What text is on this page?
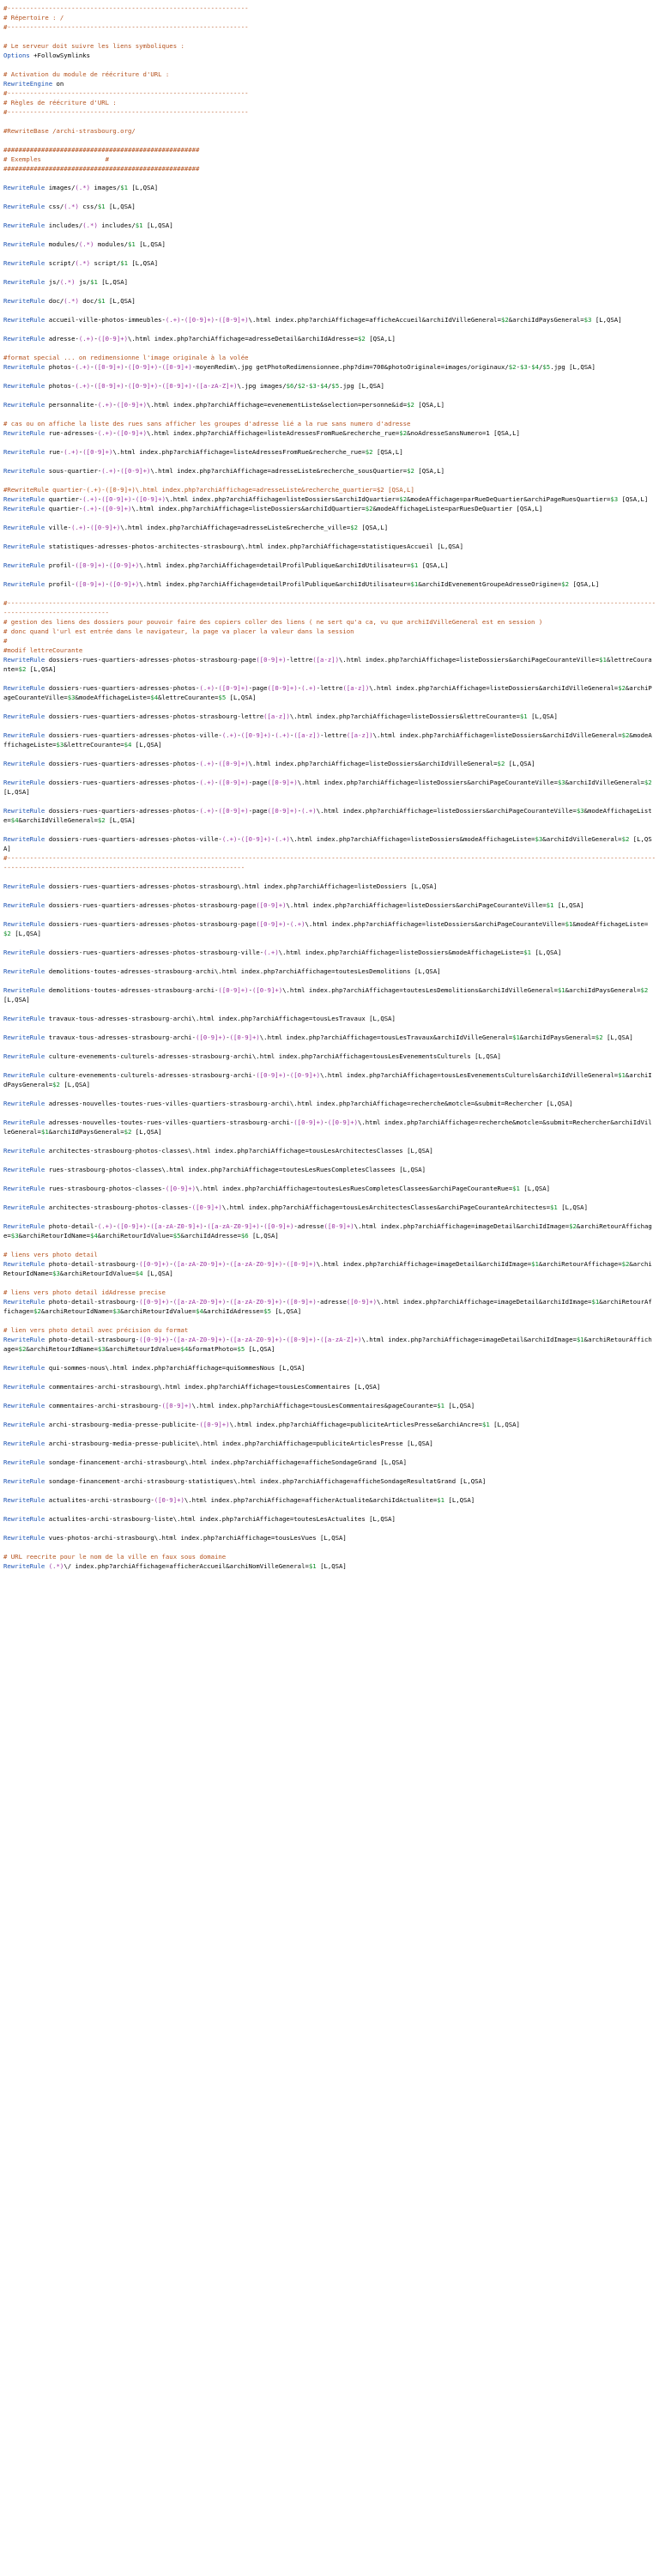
#----------------------------------------------------------------
# Répertoire : /
#----------------------------------------------------------------
# Le serveur doit suivre les liens symboliques :
Options +FollowSymlinks
# Activation du module de réécriture d'URL :
RewriteEngine on
#----------------------------------------------------------------
# Règles de réécriture d'URL :
#----------------------------------------------------------------
#RewriteBase /archi-strasbourg.org/
####################################################
# Exemples                 #
####################################################
RewriteRule images/(.*) images/$1 [L,QSA]
RewriteRule css/(.*) css/$1 [L,QSA]
RewriteRule includes/(.*) includes/$1 [L,QSA]
RewriteRule modules/(.*) modules/$1 [L,QSA]
RewriteRule script/(.*) script/$1 [L,QSA]
RewriteRule js/(.*) js/$1 [L,QSA]
RewriteRule doc/(.*) doc/$1 [L,QSA]
RewriteRule accueil-ville-photos-immeubles-(.+)-([0-9]+)-([0-9]+)\.html index.php?archiAffichage=afficheAccueil&archiIdVilleGeneral=$2&archiIdPaysGeneral=$3 [L,QSA]
RewriteRule adresse-(.+)-([0-9]+)\.html index.php?archiAffichage=adresseDetail&archiIdAdresse=$2 [QSA,L]
#format special ... on redimensionne l'image originale à la volée
RewriteRule photos-(.+)-([0-9]+)-([0-9]+)-([0-9]+)-moyenRedim\.jpg getPhotoRedimensionnee.php?dim=700&photoOriginale=images/originaux/$2-$3-$4/$5.jpg [L,QSA]
RewriteRule photos-(.+)-([0-9]+)-([0-9]+)-([0-9]+)-([a-zA-Z]+)\.jpg images/$6/$2-$3-$4/$5.jpg [L,QSA]
RewriteRule personnalite-(.+)-([0-9]+)\.html index.php?archiAffichage=evenementListe&selection=personne&id=$2 [QSA,L]
# cas ou on affiche la liste des rues sans afficher les groupes d'adresse lié a la rue sans numero d'adresse
RewriteRule rue-adresses-(.+)-([0-9]+)\.html index.php?archiAffichage=listeAdressesFromRue&recherche_rue=$2&noAdresseSansNumero=1 [QSA,L]
RewriteRule rue-(.+)-([0-9]+)\.html index.php?archiAffichage=listeAdressesFromRue&recherche_rue=$2 [QSA,L]
RewriteRule sous-quartier-(.+)-([0-9]+)\.html index.php?archiAffichage=adresseListe&recherche_sousQuartier=$2 [QSA,L]
#RewriteRule quartier-(.+)-([0-9]+)\.html index.php?archiAffichage=adresseListe&recherche_quartier=$2 [QSA,L]
RewriteRule quartier-(.+)-([0-9]+)-([0-9]+)\.html index.php?archiAffichage=listeDossiers&archiIdQuartier=$2&modeAffichage=parRueDeQuartier&archiPageRuesQuartier=$3 [QSA,L]
RewriteRule quartier-(.+)-([0-9]+)\.html index.php?archiAffichage=listeDossiers&archiIdQuartier=$2&modeAffichageListe=parRuesDeQuartier [QSA,L]
RewriteRule ville-(.+)-([0-9]+)\.html index.php?archiAffichage=adresseListe&recherche_ville=$2 [QSA,L]
RewriteRule statistiques-adresses-photos-architectes-strasbourg\.html index.php?archiAffichage=statistiquesAccueil [L,QSA]
RewriteRule profil-([0-9]+)-([0-9]+)\.html index.php?archiAffichage=detailProfilPublique&archiIdUtilisateur=$1 [QSA,L]
RewriteRule profil-([0-9]+)-([0-9]+)\.html index.php?archiAffichage=detailProfilPublique&archiIdUtilisateur=$1&archiIdEvenementGroupeAdresseOrigine=$2 [QSA,L]
#--------------------------------------------------------------------------------------------------------------------------------------------------------------------------------------------------------
# gestion des liens des dossiers pour pouvoir faire des copiers coller des liens ( ne sert qu'a ca, vu que archiIdVilleGeneral est en session )
# donc quand l'url est entrée dans le navigateur, la page va placer la valeur dans la session
#
#modif lettreCourante
RewriteRule dossiers-rues-quartiers-adresses-photos-strasbourg-page([0-9]+)-lettre([a-z])\.html index.php?archiAffichage=listeDossiers&archiPageCouranteVille=$1&lettreCourante=$2 [L,QSA]
RewriteRule dossiers-rues-quartiers-adresses-photos-(.+)-([0-9]+)-page([0-9]+)-(.+)-lettre([a-z])\.html index.php?archiAffichage=listeDossiers&archiIdVilleGeneral=$2&archiPageCouranteVille=$3&modeAffichageListe=$4&lettreCourante=$5 [L,QSA]
RewriteRule dossiers-rues-quartiers-adresses-photos-strasbourg-lettre([a-z])\.html index.php?archiAffichage=listeDossiers&lettreCourante=$1 [L,QSA]
RewriteRule dossiers-rues-quartiers-adresses-photos-ville-(.+)-([0-9]+)-(.+)-([a-z])-lettre([a-z])\.html index.php?archiAffichage=listeDossiers&archiIdVilleGeneral=$2&modeAffichageListe=$3&lettreCourante=$4 [L,QSA]
RewriteRule dossiers-rues-quartiers-adresses-photos-(.+)-([0-9]+)\.html index.php?archiAffichage=listeDossiers&archiIdVilleGeneral=$2 [L,QSA]
RewriteRule dossiers-rues-quartiers-adresses-photos-(.+)-([0-9]+)-page([0-9]+)\.html index.php?archiAffichage=listeDossiers&archiPageCouranteVille=$3&archiIdVilleGeneral=$2 [L,QSA]
RewriteRule dossiers-rues-quartiers-adresses-photos-(.+)-([0-9]+)-page([0-9]+)-(.+)\.html index.php?archiAffichage=listeDossiers&archiPageCouranteVille=$3&modeAffichageListe=$4&archiIdVilleGeneral=$2 [L,QSA]
RewriteRule dossiers-rues-quartiers-adresses-photos-ville-(.+)-([0-9]+)-(.+)\.html index.php?archiAffichage=listeDossiers&modeAffichageListe=$3&archiIdVilleGeneral=$2 [L,QSA]
#--------------------------------------------------------------------------------------------------------------------------------------------------------------------------------------------------------------------------------------------
RewriteRule dossiers-rues-quartiers-adresses-photos-strasbourg\.html index.php?archiAffichage=listeDossiers [L,QSA]
RewriteRule dossiers-rues-quartiers-adresses-photos-strasbourg-page([0-9]+)\.html index.php?archiAffichage=listeDossiers&archiPageCouranteVille=$1 [L,QSA]
RewriteRule dossiers-rues-quartiers-adresses-photos-strasbourg-page([0-9]+)-(.+)\.html index.php?archiAffichage=listeDossiers&archiPageCouranteVille=$1&modeAffichageListe=$2 [L,QSA]
RewriteRule dossiers-rues-quartiers-adresses-photos-strasbourg-ville-(.+)\.html index.php?archiAffichage=listeDossiers&modeAffichageListe=$1 [L,QSA]
RewriteRule demolitions-toutes-adresses-strasbourg-archi\.html index.php?archiAffichage=toutesLesDemolitions [L,QSA]
RewriteRule demolitions-toutes-adresses-strasbourg-archi-([0-9]+)-([0-9]+)\.html index.php?archiAffichage=toutesLesDemolitions&archiIdVilleGeneral=$1&archiIdPaysGeneral=$2 [L,QSA]
RewriteRule travaux-tous-adresses-strasbourg-archi\.html index.php?archiAffichage=tousLesTravaux [L,QSA]
RewriteRule travaux-tous-adresses-strasbourg-archi-([0-9]+)-([0-9]+)\.html index.php?archiAffichage=tousLesTravaux&archiIdVilleGeneral=$1&archiIdPaysGeneral=$2 [L,QSA]
RewriteRule culture-evenements-culturels-adresses-strasbourg-archi\.html index.php?archiAffichage=tousLesEvenementsCulturels [L,QSA]
RewriteRule culture-evenements-culturels-adresses-strasbourg-archi-([0-9]+)-([0-9]+)\.html index.php?archiAffichage=tousLesEvenementsCulturels&archiIdVilleGeneral=$1&archiIdPaysGeneral=$2 [L,QSA]
RewriteRule adresses-nouvelles-toutes-rues-villes-quartiers-strasbourg-archi\.html index.php?archiAffichage=recherche&motcle=&submit=Rechercher [L,QSA]
RewriteRule adresses-nouvelles-toutes-rues-villes-quartiers-strasbourg-archi-([0-9]+)-([0-9]+)\.html index.php?archiAffichage=recherche&motcle=&submit=Rechercher&archiIdVilleGeneral=$1&archiIdPaysGeneral=$2 [L,QSA]
RewriteRule architectes-strasbourg-photos-classes\.html index.php?archiAffichage=tousLesArchitectesClasses [L,QSA]
RewriteRule rues-strasbourg-photos-classes\.html index.php?archiAffichage=toutesLesRuesCompletesClassees [L,QSA]
RewriteRule rues-strasbourg-photos-classes-([0-9]+)\.html index.php?archiAffichage=toutesLesRuesCompletesClassees&archiPageCouranteRue=$1 [L,QSA]
RewriteRule architectes-strasbourg-photos-classes-([0-9]+)\.html index.php?archiAffichage=tousLesArchitectesClasses&archiPageCouranteArchitectes=$1 [L,QSA]
RewriteRule photo-detail-(.+)-([0-9]+)-([a-zA-Z0-9]+)-([a-zA-Z0-9]+)-([0-9]+)-adresse([0-9]+)\.html index.php?archiAffichage=imageDetail&archiIdImage=$2&archiRetourAffichage=$3&archiRetourIdName=$4&archiRetourIdValue=$5&archiIdAdresse=$6 [L,QSA]
# liens vers photo detail
RewriteRule photo-detail-strasbourg-([0-9]+)-([a-zA-Z0-9]+)-([a-zA-Z0-9]+)-([0-9]+)\.html index.php?archiAffichage=imageDetail&archiIdImage=$1&archiRetourAffichage=$2&archiRetourIdName=$3&archiRetourIdValue=$4 [L,QSA]
# liens vers photo detail idAdresse precise
RewriteRule photo-detail-strasbourg-([0-9]+)-([a-zA-Z0-9]+)-([a-zA-Z0-9]+)-([0-9]+)-adresse([0-9]+)\.html index.php?archiAffichage=imageDetail&archiIdImage=$1&archiRetourAffichage=$2&archiRetourIdName=$3&archiRetourIdValue=$4&archiIdAdresse=$5 [L,QSA]
# lien vers photo detail avec précision du format
RewriteRule photo-detail-strasbourg-([0-9]+)-([a-zA-Z0-9]+)-([a-zA-Z0-9]+)-([0-9]+)-([a-zA-Z]+)\.html index.php?archiAffichage=imageDetail&archiIdImage=$1&archiRetourAffichage=$2&archiRetourIdName=$3&archiRetourIdValue=$4&formatPhoto=$5 [L,QSA]
RewriteRule qui-sommes-nous\.html index.php?archiAffichage=quiSommesNous [L,QSA]
RewriteRule commentaires-archi-strasbourg\.html index.php?archiAffichage=tousLesCommentaires [L,QSA]
RewriteRule commentaires-archi-strasbourg-([0-9]+)\.html index.php?archiAffichage=tousLesCommentaires&pageCourante=$1 [L,QSA]
RewriteRule archi-strasbourg-media-presse-publicite-([0-9]+)\.html index.php?archiAffichage=publiciteArticlesPresse&archiAncre=$1 [L,QSA]
RewriteRule archi-strasbourg-media-presse-publicite\.html index.php?archiAffichage=publiciteArticlesPresse [L,QSA]
RewriteRule sondage-financement-archi-strasbourg\.html index.php?archiAffichage=afficheSondageGrand [L,QSA]
RewriteRule sondage-financement-archi-strasbourg-statistiques\.html index.php?archiAffichage=afficheSondageResultatGrand [L,QSA]
RewriteRule actualites-archi-strasbourg-([0-9]+)\.html index.php?archiAffichage=afficherActualite&archiIdActualite=$1 [L,QSA]
RewriteRule actualites-archi-strasbourg-liste\.html index.php?archiAffichage=toutesLesActualites [L,QSA]
RewriteRule vues-photos-archi-strasbourg\.html index.php?archiAffichage=tousLesVues [L,QSA]
# URL reecrite pour le nom de la ville en faux sous domaine
RewriteRule (.*)\/ index.php?archiAffichage=afficherAccueil&archiNomVilleGeneral=$1 [L,QSA]
